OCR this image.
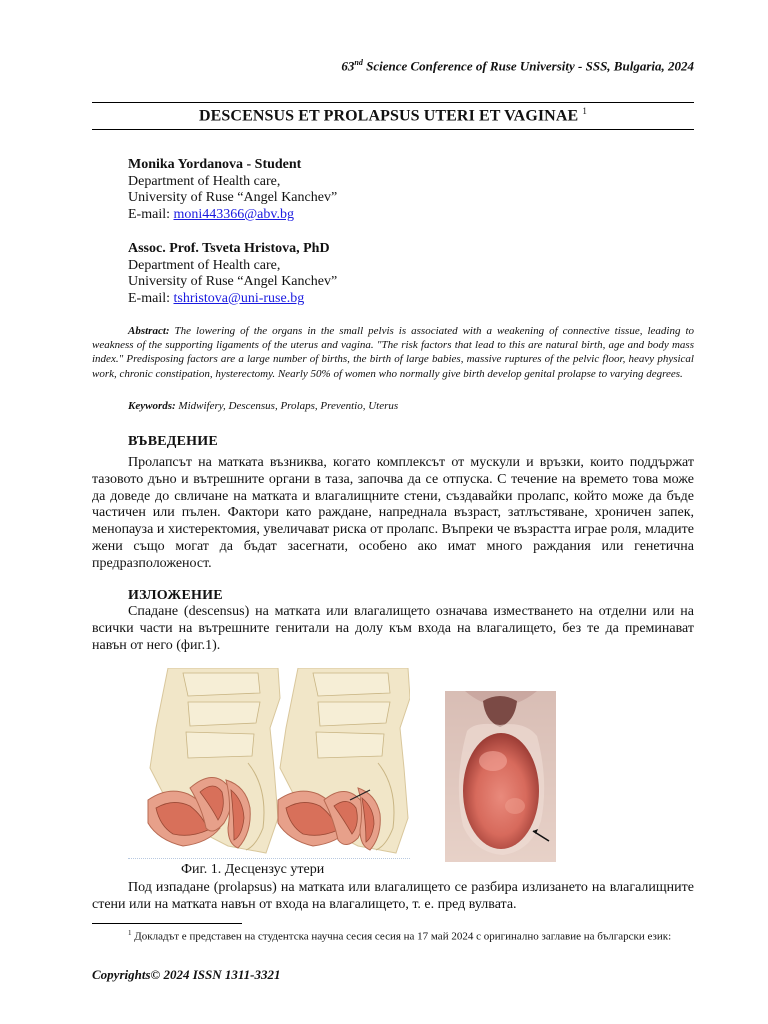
63nd Science Conference of Ruse University - SSS, Bulgaria, 2024
DESCENSUS ET PROLAPSUS UTERI ET VAGINAE $^1$
Monika Yordanova - Student
Department of Health care,
University of Ruse “Angel Kanchev”
E-mail: moni443366@abv.bg
Assoc. Prof. Tsveta Hristova, PhD
Department of Health care,
University of Ruse “Angel Kanchev”
E-mail: tshristova@uni-ruse.bg
Abstract: The lowering of the organs in the small pelvis is associated with a weakening of connective tissue, leading to weakness of the supporting ligaments of the uterus and vagina. "The risk factors that lead to this are natural birth, age and body mass index." Predisposing factors are a large number of births, the birth of large babies, massive ruptures of the pelvic floor, heavy physical work, chronic constipation, hysterectomy. Nearly 50% of women who normally give birth develop genital prolapse to varying degrees.
Keywords: Midwifery, Descensus, Prolaps, Preventio, Uterus
ВЪВЕДЕНИЕ
Пролапсът на матката възниква, когато комплексът от мускули и връзки, които поддържат тазовото дъно и вътрешните органи в таза, започва да се отпуска. С течение на времето това може да доведе до свличане на матката и влагалищните стени, създавайки пролапс, който може да бъде частичен или пълен. Фактори като раждане, напреднала възраст, затлъстяване, хроничен запек, менопауза и хистеректомия, увеличават риска от пролапс. Въпреки че възрастта играе роля, младите жени също могат да бъдат засегнати, особено ако имат много раждания или генетична предразположеност.
ИЗЛОЖЕНИЕ
Спадане (descensus) на матката или влагалището означава изместването на отделни или на всички части на вътрешните генитали на долу към входа на влагалището, без те да преминават навън от него (фиг.1).
Фиг. 1. Десцензус утери
Под изпадане (prolapsus) на матката или влагалището се разбира излизането на влагалищните стени или на матката навън от входа на влагалището, т. е. пред вулвата.
$^1$ Докладът е представен на студентска научна сесия сесия на 17 май 2024 с оригинално заглавие на български език:
Copyrights© 2024 ISSN 1311-3321
